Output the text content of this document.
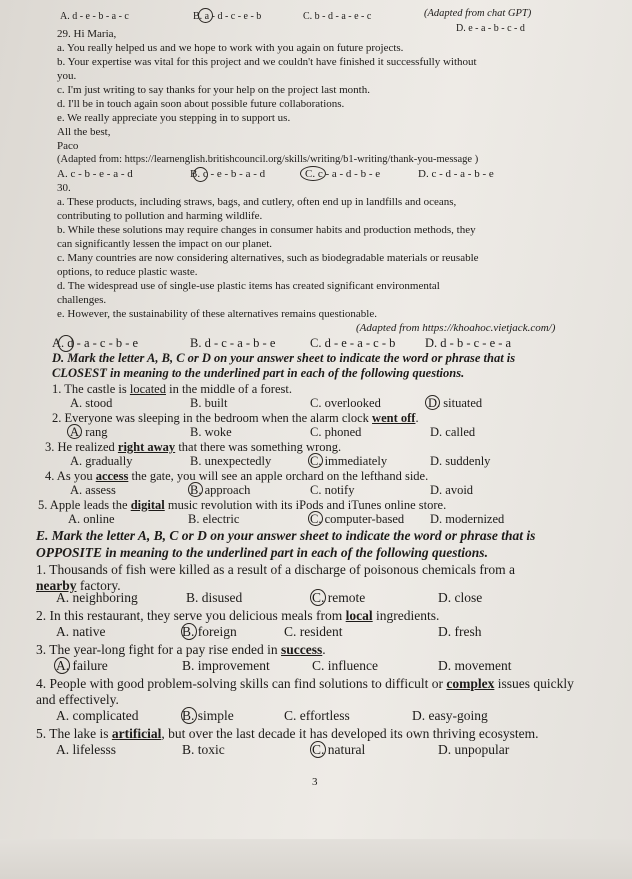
A. d - e - b - a - c	B. a - d - c - e - b	C. b - d - a - e - c	(Adapted from chat GPT)
D. e - a - b - c - d
29. Hi Maria,
a. You really helped us and we hope to work with you again on future projects.
b. Your expertise was vital for this project and we couldn't have finished it successfully without
you.
c. I'm just writing to say thanks for your help on the project last month.
d. I'll be in touch again soon about possible future collaborations.
e. We really appreciate you stepping in to support us.
All the best,
Paco
(Adapted from: https://learnenglish.britishcouncil.org/skills/writing/b1-writing/thank-you-message )
A. c - b - e - a - d	B. c - e - b - a - d	C. c - a - d - b - e	D. c - d - a - b - e
30.
a. These products, including straws, bags, and cutlery, often end up in landfills and oceans,
contributing to pollution and harming wildlife.
b. While these solutions may require changes in consumer habits and production methods, they
can significantly lessen the impact on our planet.
c. Many countries are now considering alternatives, such as biodegradable materials or reusable
options, to reduce plastic waste.
d. The widespread use of single-use plastic items has created significant environmental
challenges.
e. However, the sustainability of these alternatives remains questionable.
(Adapted from https://khoahoc.vietjack.com/)
A. d - a - c - b - e	B. d - c - a - b - e	C. d - e - a - c - b D. d - b - c - e - a
D. Mark the letter A, B, C or D on your answer sheet to indicate the word or phrase that is
CLOSEST in meaning to the underlined part in each of the following questions.
1. The castle is located in the middle of a forest.
A. stood	B. built	C. overlooked	D. situated
2. Everyone was sleeping in the bedroom when the alarm clock went off.
A. rang	B. woke	C. phoned	D. called
3. He realized right away that there was something wrong.
A. gradually	B. unexpectedly	C. immediately	D. suddenly
4. As you access the gate, you will see an apple orchard on the lefthand side.
A. assess	B. approach	C. notify	D. avoid
5. Apple leads the digital music revolution with its iPods and iTunes online store.
A. online	B. electric	C. computer-based D. modernized
E. Mark the letter A, B, C or D on your answer sheet to indicate the word or phrase that is
OPPOSITE in meaning to the underlined part in each of the following questions.
1. Thousands of fish were killed as a result of a discharge of poisonous chemicals from a
nearby factory.
A. neighboring	B. disused	C. remote	D. close
2. In this restaurant, they serve you delicious meals from local ingredients.
A. native	B. foreign	C. resident	D. fresh
3. The year-long fight for a pay rise ended in success.
A. failure	B. improvement	C. influence	D. movement
4. People with good problem-solving skills can find solutions to difficult or complex issues quickly
and effectively.
A. complicated	B. simple	C. effortless	D. easy-going
5. The lake is artificial, but over the last decade it has developed its own thriving ecosystem.
A. lifelesss	B. toxic	C. natural	D. unpopular
3
